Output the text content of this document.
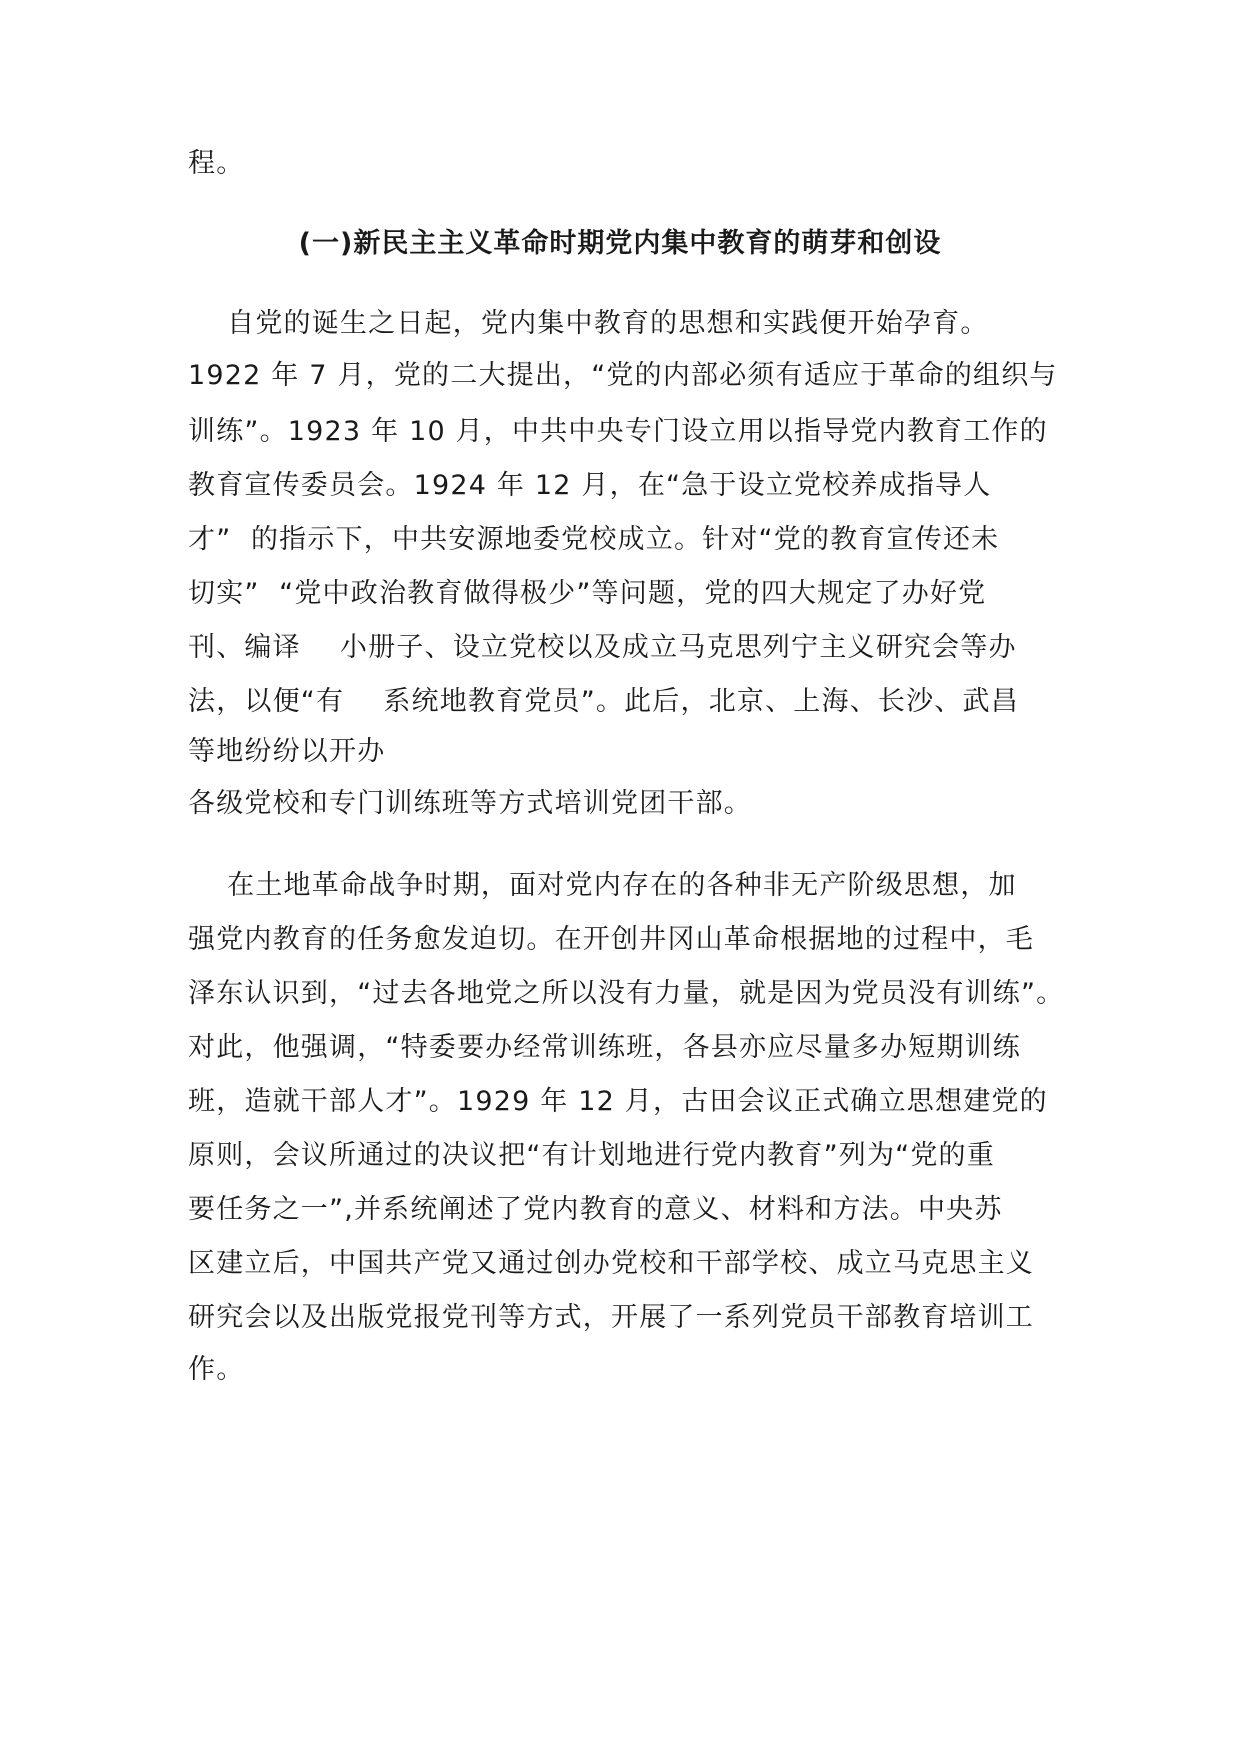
程。
(一)新民主主义革命时期党内集中教育的萌芽和创设
自党的诞生之日起，党内集中教育的思想和实践便开始孕育。
1922 年 7 月，党的二大提出，“党的内部必须有适应于革命的组织与
训练”。1923 年 10 月，中共中央专门设立用以指导党内教育工作的
教育宣传委员会。1924 年 12 月，在“急于设立党校养成指导人
才”  的指示下，中共安源地委党校成立。针对“党的教育宣传还未
切实”  “党中政治教育做得极少”等问题，党的四大规定了办好党
刊、编译    小册子、设立党校以及成立马克思列宁主义研究会等办
法，以便“有    系统地教育党员”。此后，北京、上海、长沙、武昌
等地纷纷以开办
各级党校和专门训练班等方式培训党团干部。
在土地革命战争时期，面对党内存在的各种非无产阶级思想，加
强党内教育的任务愈发迫切。在开创井冈山革命根据地的过程中，毛
泽东认识到，“过去各地党之所以没有力量，就是因为党员没有训练”。
对此，他强调，“特委要办经常训练班，各县亦应尽量多办短期训练
班，造就干部人才”。1929 年 12 月，古田会议正式确立思想建党的
原则，会议所通过的决议把“有计划地进行党内教育”列为“党的重
要任务之一”,并系统阐述了党内教育的意义、材料和方法。中央苏
区建立后，中国共产党又通过创办党校和干部学校、成立马克思主义
研究会以及出版党报党刊等方式，开展了一系列党员干部教育培训工
作。
